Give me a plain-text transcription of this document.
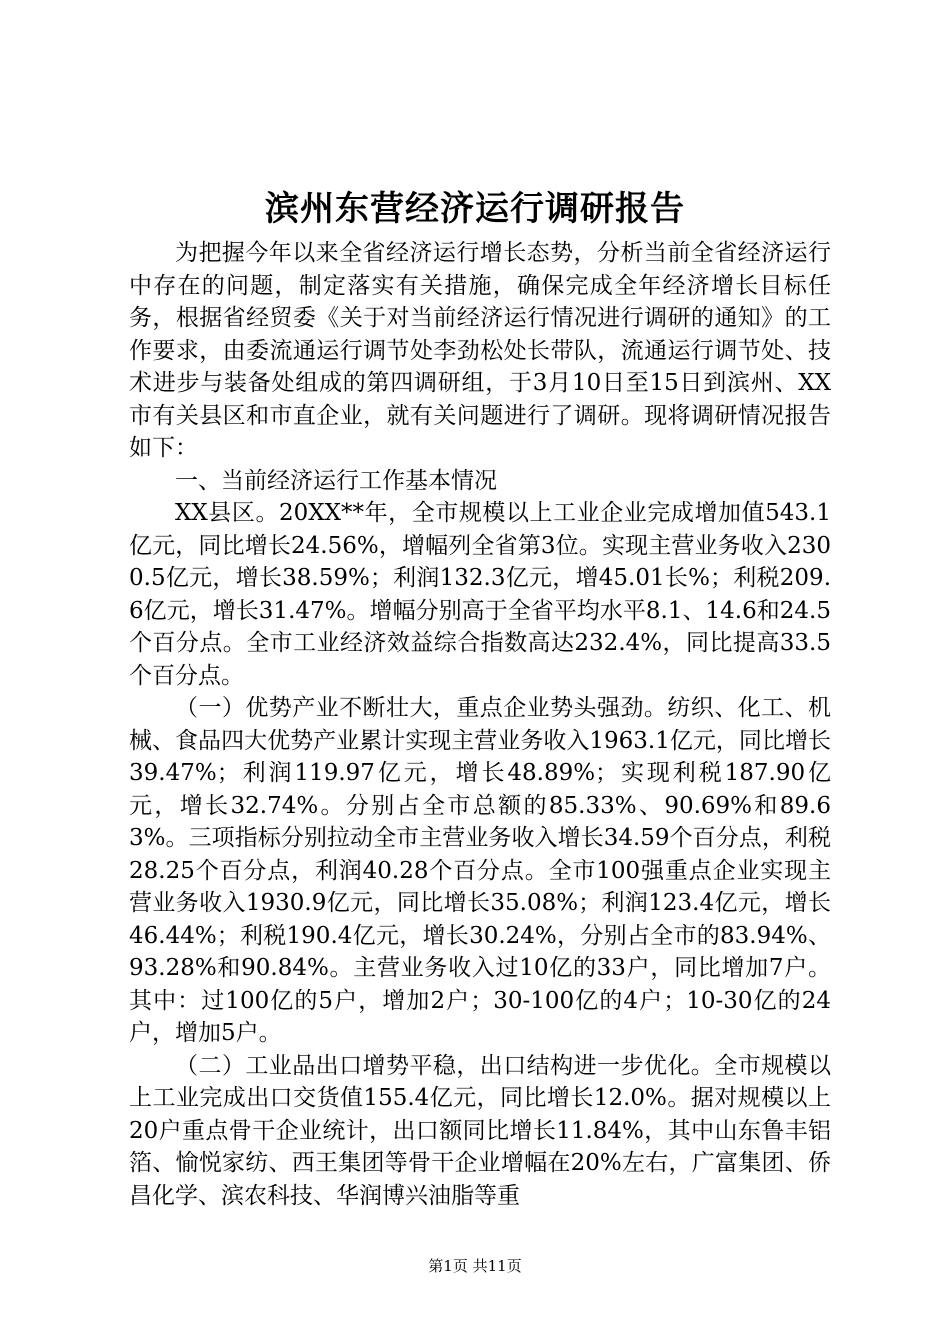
滨州东营经济运行调研报告

为把握今年以来全省经济运行增长态势，分析当前全省经济运行中存在的问题，制定落实有关措施，确保完成全年经济增长目标任务，根据省经贸委《关于对当前经济运行情况进行调研的通知》的工作要求，由委流通运行调节处李劲松处长带队，流通运行调节处、技术进步与装备处组成的第四调研组，于3月10日至15日到滨州、XX市有关县区和市直企业，就有关问题进行了调研。现将调研情况报告如下：

一、当前经济运行工作基本情况

XX县区。20XX**年，全市规模以上工业企业完成增加值543.1亿元，同比增长24.56%，增幅列全省第3位。实现主营业务收入2300.5亿元，增长38.59%；利润132.3亿元，增45.01长%；利税209.6亿元，增长31.47%。增幅分别高于全省平均水平8.1、14.6和24.5个百分点。全市工业经济效益综合指数高达232.4%，同比提高33.5个百分点。

（一）优势产业不断壮大，重点企业势头强劲。纺织、化工、机械、食品四大优势产业累计实现主营业务收入1963.1亿元，同比增长39.47%；利润119.97亿元，增长48.89%；实现利税187.90亿元，增长32.74%。分别占全市总额的85.33%、90.69%和89.63%。三项指标分别拉动全市主营业务收入增长34.59个百分点，利税28.25个百分点，利润40.28个百分点。全市100强重点企业实现主营业务收入1930.9亿元，同比增长35.08%；利润123.4亿元，增长46.44%；利税190.4亿元，增长30.24%，分别占全市的83.94%、93.28%和90.84%。主营业务收入过10亿的33户，同比增加7户。其中：过100亿的5户，增加2户；30-100亿的4户；10-30亿的24户，增加5户。

（二）工业品出口增势平稳，出口结构进一步优化。全市规模以上工业完成出口交货值155.4亿元，同比增长12.0%。据对规模以上20户重点骨干企业统计，出口额同比增长11.84%，其中山东鲁丰铝箔、愉悦家纺、西王集团等骨干企业增幅在20%左右，广富集团、侨昌化学、滨农科技、华润博兴油脂等重

第1页 共11页
